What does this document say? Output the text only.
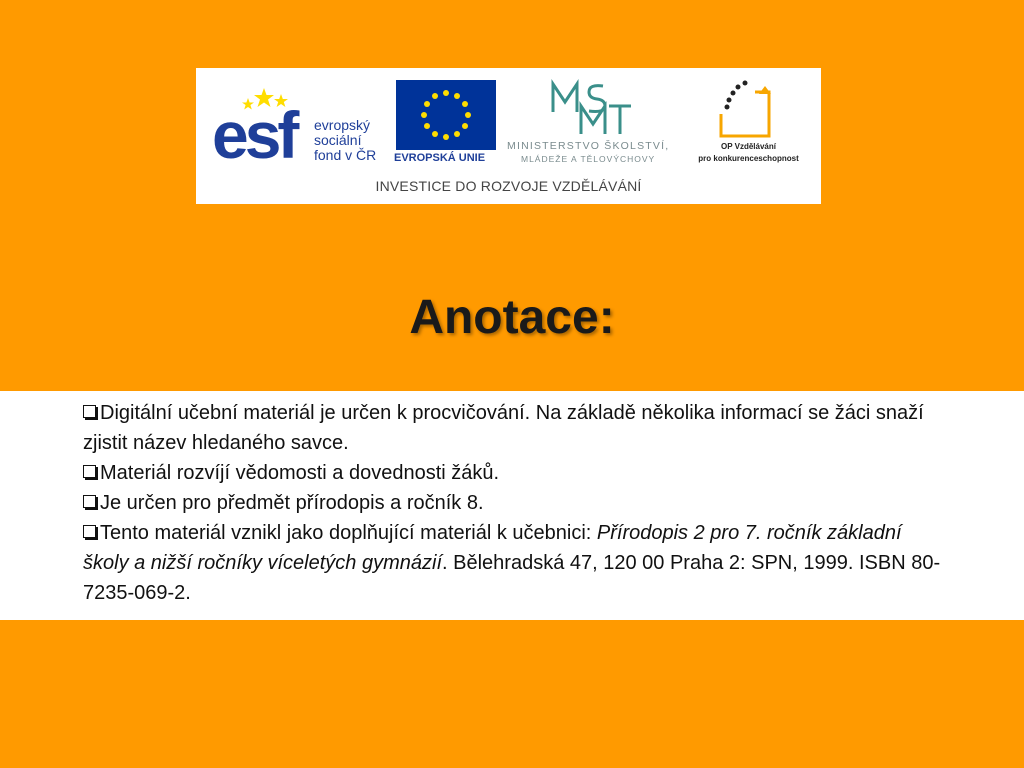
esf evropský
sociální
fond v ČR EVROPSKÁ UNIE
MINISTERSTVO ŠKOLSTVÍ,
MLÁDEŽE A TĚLOVÝCHOVY
OP Vzdělávání
pro konkurenceschopnost
INVESTICE DO ROZVOJE VZDĚLÁVÁNÍ
Anotace:

Digitální učební materiál je určen k procvičování. Na základě několika informací se žáci snaží zjistit název hledaného savce.

Materiál rozvíjí vědomosti a dovednosti žáků.

Je určen pro předmět přírodopis a ročník 8.

Tento materiál vznikl jako doplňující materiál k učebnici: Přírodopis 2 pro 7. ročník základní školy a nižší ročníky víceletých gymnázií. Bělehradská 47, 120 00 Praha 2: SPN, 1999. ISBN 80-7235-069-2.
